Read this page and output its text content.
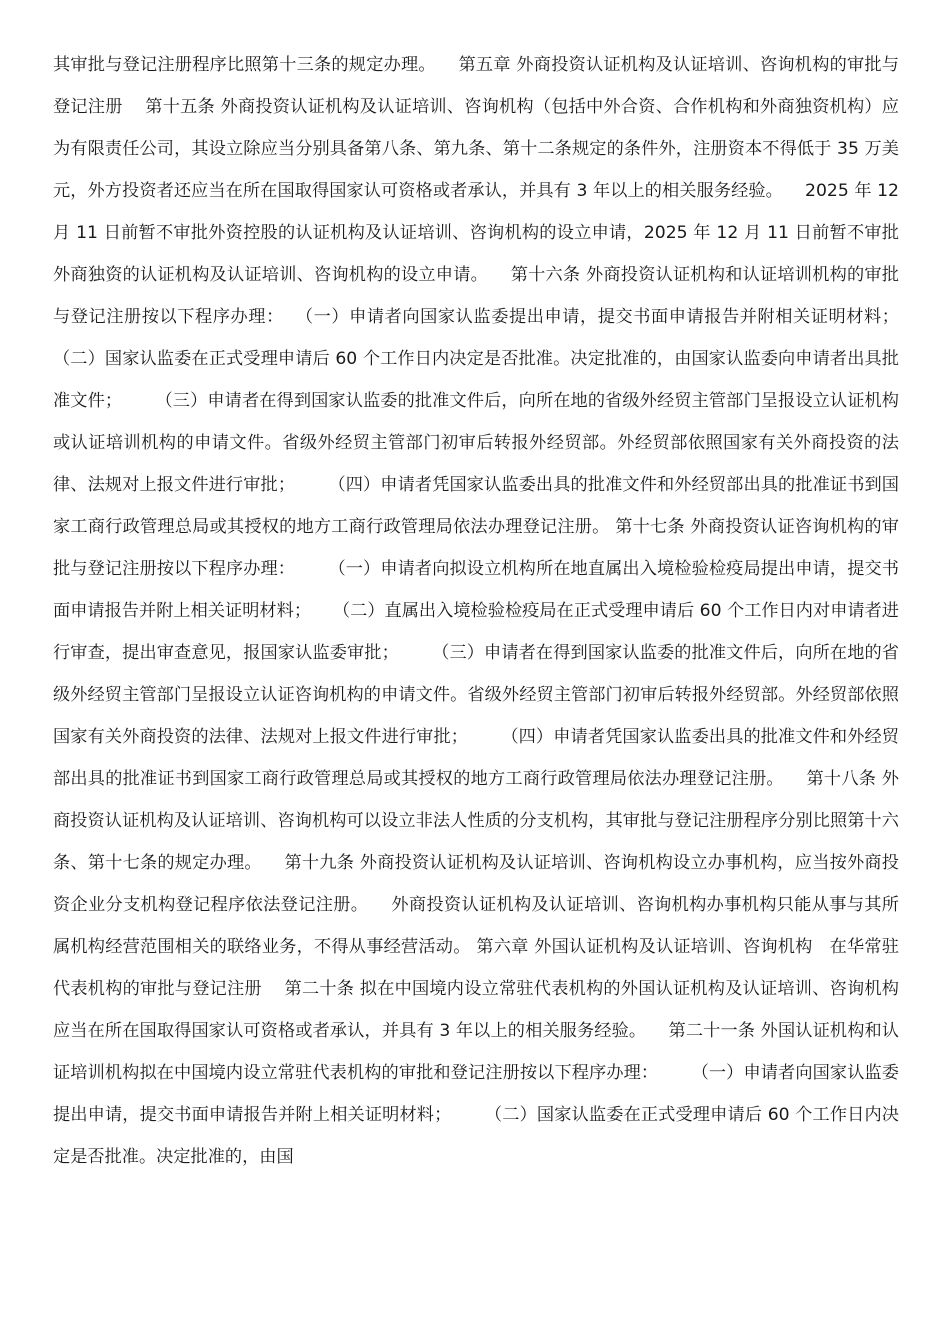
其审批与登记注册程序比照第十三条的规定办理。    第五章 外商投资认证机构及认证培训、咨询机构的审批与登记注册    第十五条 外商投资认证机构及认证培训、咨询机构（包括中外合资、合作机构和外商独资机构）应为有限责任公司，其设立除应当分别具备第八条、第九条、第十二条规定的条件外，注册资本不得低于 35 万美元，外方投资者还应当在所在国取得国家认可资格或者承认，并具有 3 年以上的相关服务经验。    2025 年 12 月 11 日前暂不审批外资控股的认证机构及认证培训、咨询机构的设立申请，2025 年 12 月 11 日前暂不审批外商独资的认证机构及认证培训、咨询机构的设立申请。    第十六条 外商投资认证机构和认证培训机构的审批与登记注册按以下程序办理：  （一）申请者向国家认监委提出申请，提交书面申请报告并附相关证明材料；      （二）国家认监委在正式受理申请后 60 个工作日内决定是否批准。决定批准的，由国家认监委向申请者出具批准文件；      （三）申请者在得到国家认监委的批准文件后，向所在地的省级外经贸主管部门呈报设立认证机构或认证培训机构的申请文件。省级外经贸主管部门初审后转报外经贸部。外经贸部依照国家有关外商投资的法律、法规对上报文件进行审批；      （四）申请者凭国家认监委出具的批准文件和外经贸部出具的批准证书到国家工商行政管理总局或其授权的地方工商行政管理局依法办理登记注册。 第十七条 外商投资认证咨询机构的审批与登记注册按以下程序办理：      （一）申请者向拟设立机构所在地直属出入境检验检疫局提出申请，提交书面申请报告并附上相关证明材料；    （二）直属出入境检验检疫局在正式受理申请后 60 个工作日内对申请者进行审查，提出审查意见，报国家认监委审批；      （三）申请者在得到国家认监委的批准文件后，向所在地的省级外经贸主管部门呈报设立认证咨询机构的申请文件。省级外经贸主管部门初审后转报外经贸部。外经贸部依照国家有关外商投资的法律、法规对上报文件进行审批；      （四）申请者凭国家认监委出具的批准文件和外经贸部出具的批准证书到国家工商行政管理总局或其授权的地方工商行政管理局依法办理登记注册。    第十八条 外商投资认证机构及认证培训、咨询机构可以设立非法人性质的分支机构，其审批与登记注册程序分别比照第十六条、第十七条的规定办理。    第十九条 外商投资认证机构及认证培训、咨询机构设立办事机构，应当按外商投资企业分支机构登记程序依法登记注册。    外商投资认证机构及认证培训、咨询机构办事机构只能从事与其所属机构经营范围相关的联络业务，不得从事经营活动。 第六章 外国认证机构及认证培训、咨询机构   在华常驻代表机构的审批与登记注册    第二十条 拟在中国境内设立常驻代表机构的外国认证机构及认证培训、咨询机构应当在所在国取得国家认可资格或者承认，并具有 3 年以上的相关服务经验。    第二十一条 外国认证机构和认证培训机构拟在中国境内设立常驻代表机构的审批和登记注册按以下程序办理：      （一）申请者向国家认监委提出申请，提交书面申请报告并附上相关证明材料；      （二）国家认监委在正式受理申请后 60 个工作日内决定是否批准。决定批准的，由国
